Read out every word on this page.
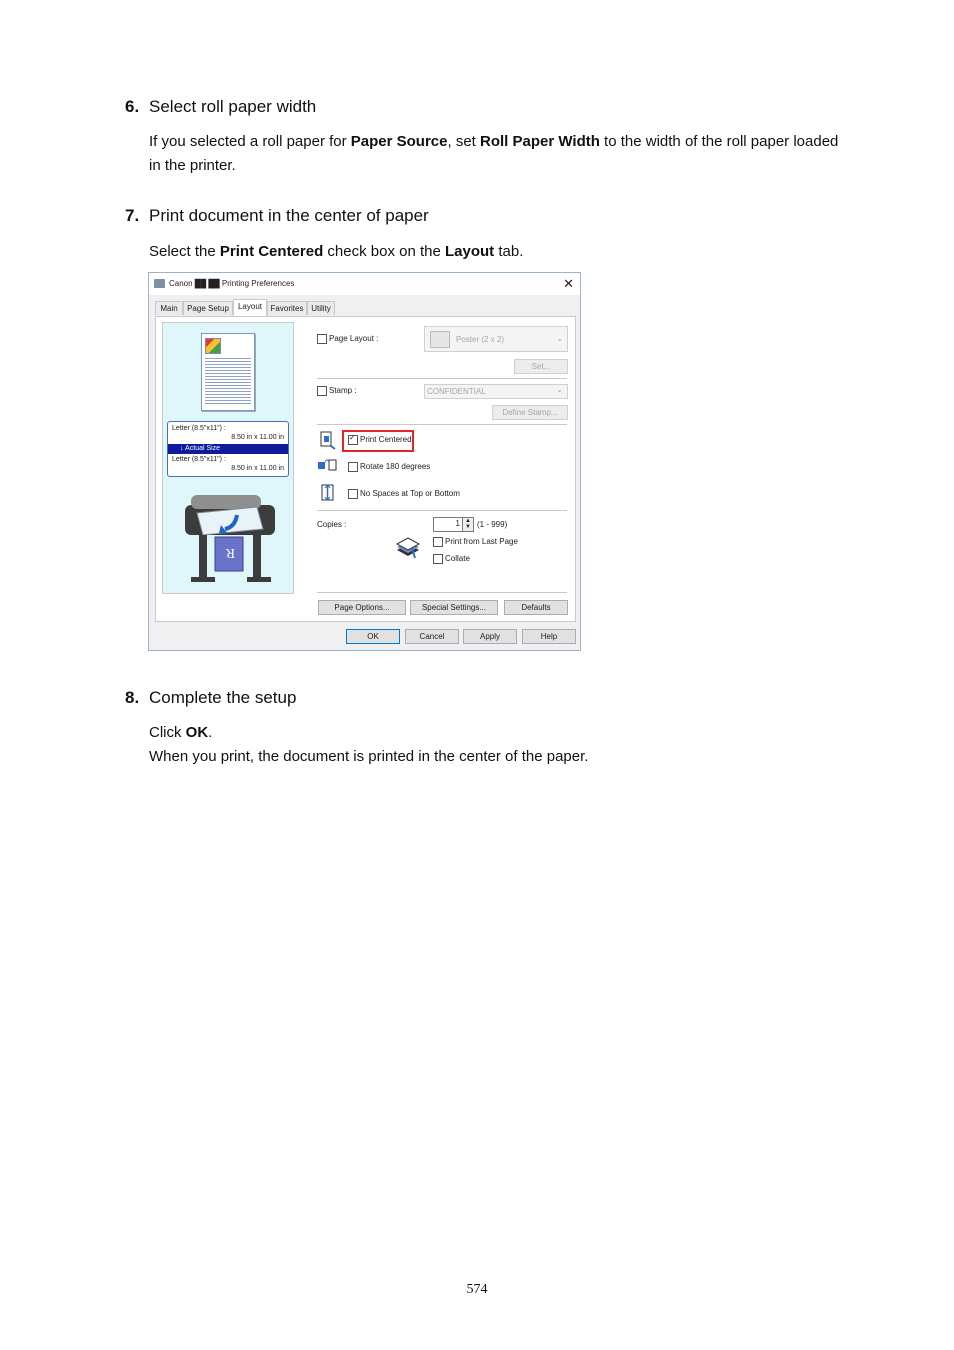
6. Select roll paper width
If you selected a roll paper for Paper Source, set Roll Paper Width to the width of the roll paper loaded in the printer.
7. Print document in the center of paper
Select the Print Centered check box on the Layout tab.
Canon ██ ██ Printing Preferences	✕
Main	Page Setup	Layout	Favorites Utility
Letter (8.5"x11") :
8.50 in x 11.00 in
↓ Actual Size
Letter (8.5"x11") :
8.50 in x 11.00 in
R
Page Layout :	Poster (2 x 2)	⌄
Set...
Stamp :	CONFIDENTIAL	⌄
Define Stamp...
✓Print Centered
Rotate 180 degrees
No Spaces at Top or Bottom
Copies :	1 ▲
▼ (1 - 999)
Print from Last Page
Collate
Page Options...	Special Settings...	Defaults
OK	Cancel	Apply	Help
8. Complete the setup
Click OK.
When you print, the document is printed in the center of the paper.
574
